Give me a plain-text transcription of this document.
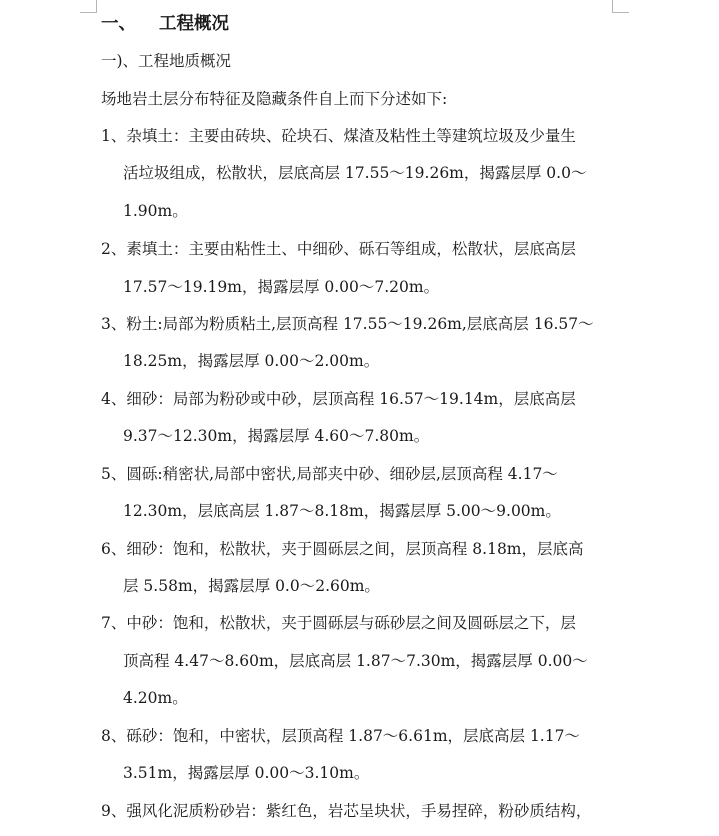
一、 工程概况
一)、工程地质概况
场地岩土层分布特征及隐藏条件自上而下分述如下:
1、杂填土：主要由砖块、砼块石、煤渣及粘性土等建筑垃圾及少量生
活垃圾组成，松散状，层底高层 17.55～19.26m，揭露层厚 0.0～
1.90m。
2、素填土：主要由粘性土、中细砂、砾石等组成，松散状，层底高层
17.57～19.19m，揭露层厚 0.00～7.20m。
3、粉土:局部为粉质粘土,层顶高程 17.55～19.26m,层底高层 16.57～
18.25m，揭露层厚 0.00～2.00m。
4、细砂：局部为粉砂或中砂，层顶高程 16.57～19.14m，层底高层
9.37～12.30m，揭露层厚 4.60～7.80m。
5、圆砾:稍密状,局部中密状,局部夹中砂、细砂层,层顶高程 4.17～
12.30m，层底高层 1.87～8.18m，揭露层厚 5.00～9.00m。
6、细砂：饱和，松散状，夹于圆砾层之间，层顶高程 8.18m，层底高
层 5.58m，揭露层厚 0.0～2.60m。
7、中砂：饱和，松散状，夹于圆砾层与砾砂层之间及圆砾层之下，层
顶高程 4.47～8.60m，层底高层 1.87～7.30m，揭露层厚 0.00～
4.20m。
8、砾砂：饱和，中密状，层顶高程 1.87～6.61m，层底高层 1.17～
3.51m，揭露层厚 0.00～3.10m。
9、强风化泥质粉砂岩：紫红色，岩芯呈块状，手易捏碎，粉砂质结构，
